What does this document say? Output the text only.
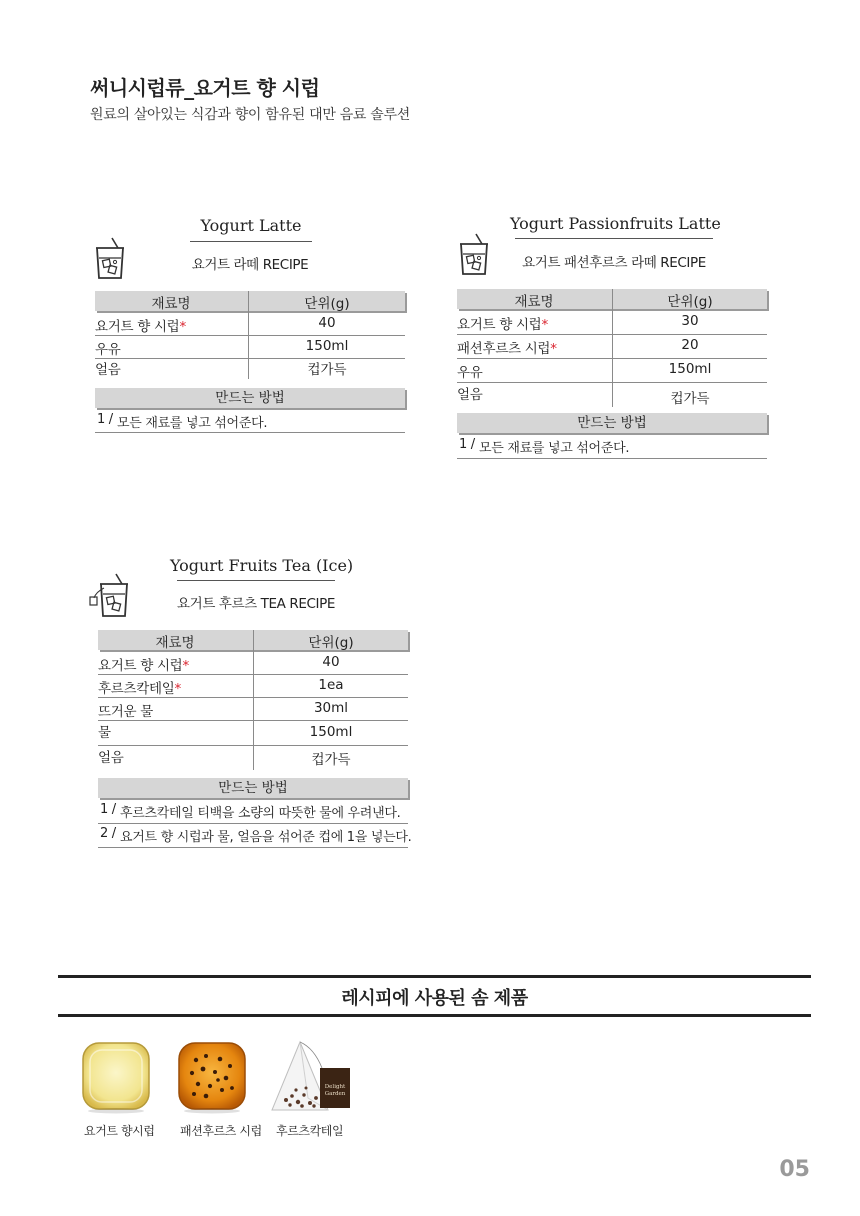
써니시럽류_요거트 향 시럽
원료의 살아있는 식감과 향이 함유된 대만 음료 솔루션
Yogurt Latte
요거트 라떼 RECIPE
재료명	단위(g)
요거트 향 시럽*	40
우유	150ml
얼음	컵가득
만드는 방법
1 / 모든 재료를 넣고 섞어준다.
Yogurt Passionfruits Latte
요거트 패션후르츠 라떼 RECIPE
재료명	단위(g)
요거트 향 시럽*	30
패션후르츠 시럽*	20
우유	150ml
얼음	컵가득
만드는 방법
1 / 모든 재료를 넣고 섞어준다.
Yogurt Fruits Tea (Ice)
요거트 후르츠 TEA RECIPE
재료명	단위(g)
요거트 향 시럽*	40
후르츠칵테일*	1ea
뜨거운 물	30ml
물	150ml
얼음	컵가득
만드는 방법
1 / 후르츠칵테일 티백을 소량의 따뜻한 물에 우려낸다.
2 / 요거트 향 시럽과 물, 얼음을 섞어준 컵에 1을 넣는다.
레시피에 사용된 솜 제품
요거트 향시럽 패션후르츠 시럽
Delight
Garden
후르츠칵테일
05
